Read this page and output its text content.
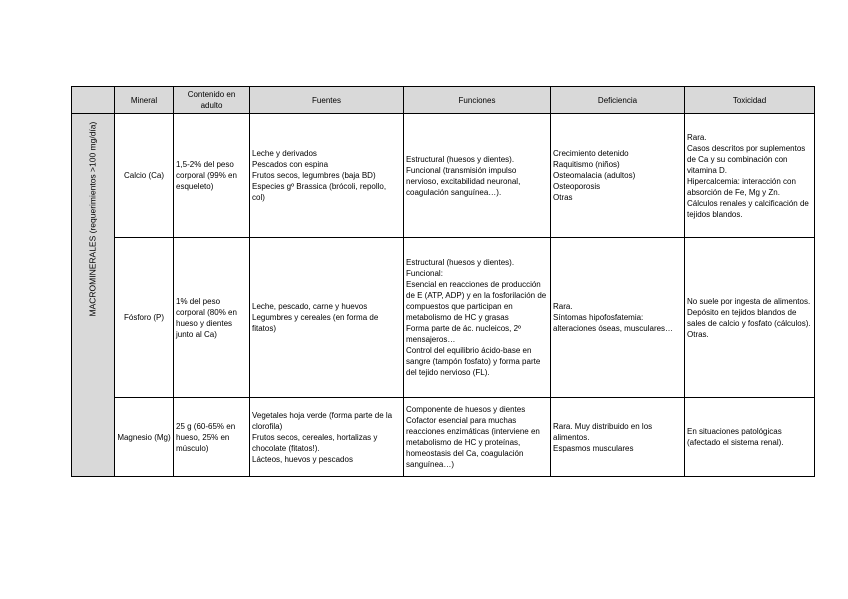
	Mineral	Contenido en adulto	Fuentes	Funciones	Deficiencia	Toxicidad

MACROMINERALES (requerimientos >100 mg/día)	Calcio (Ca)	1,5-2% del peso corporal (99% en esqueleto)	Leche y derivados
Pescados con espina
Frutos secos, legumbres (baja BD)
Especies gº Brassica (brócoli, repollo, col)	Estructural (huesos y dientes).
Funcional (transmisión impulso nervioso, excitabilidad neuronal, coagulación sanguínea…).	Crecimiento detenido
Raquitismo (niños)
Osteomalacia (adultos)
Osteoporosis
Otras	Rara.
Casos descritos por suplementos de Ca y su combinación con vitamina D.
Hipercalcemia: interacción con absorción de Fe, Mg y Zn.
Cálculos renales y calcificación de tejidos blandos.
	Fósforo (P)	1% del peso corporal (80% en hueso y dientes junto al Ca)	Leche, pescado, carne y huevos
Legumbres y cereales (en forma de fitatos)	Estructural (huesos y dientes).
Funcional:
Esencial en reacciones de producción de E (ATP, ADP) y en la fosforilación de compuestos que participan en metabolismo de HC y grasas
Forma parte de ác. nucleicos, 2º mensajeros…
Control del equilibrio ácido-base en sangre (tampón fosfato) y forma parte del tejido nervioso (FL).	Rara.
Síntomas hipofosfatemia: alteraciones óseas, musculares…	No suele por ingesta de alimentos.
Depósito en tejidos blandos de sales de calcio y fosfato (cálculos). Otras.
	Magnesio (Mg)	25 g (60-65% en hueso, 25% en músculo)	Vegetales hoja verde (forma parte de la clorofila)
Frutos secos, cereales, hortalizas y chocolate (fitatos!).
Lácteos, huevos y pescados	Componente de huesos y dientes
Cofactor esencial para muchas reacciones enzimáticas (interviene en metabolismo de HC y proteínas, homeostasis del Ca, coagulación sanguínea…)	Rara. Muy distribuido en los alimentos.
Espasmos musculares	En situaciones patológicas (afectado el sistema renal).
